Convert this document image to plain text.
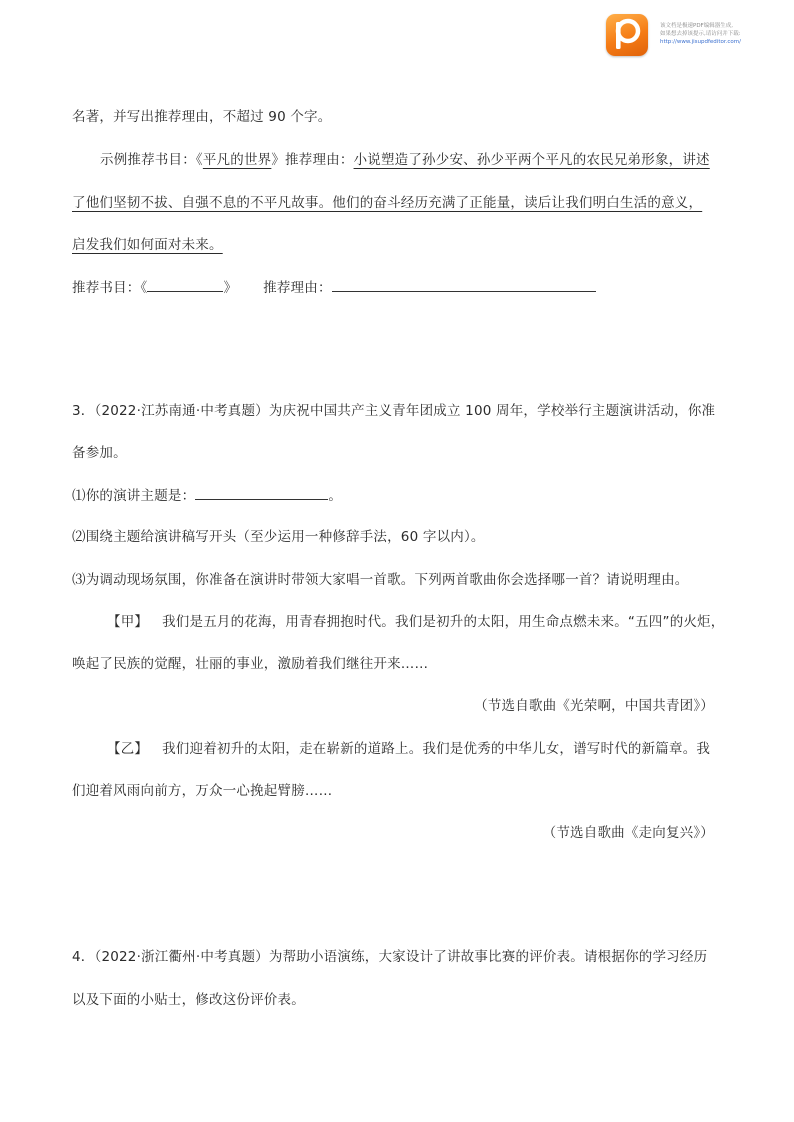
该文档是极速PDF编辑器生成,
如果想去掉该提示,请访问并下载:
http://www.jisupdfeditor.com/
名著，并写出推荐理由，不超过 90 个字。
示例推荐书目：《平凡的世界》推荐理由：小说塑造了孙少安、孙少平两个平凡的农民兄弟形象，讲述
了他们坚韧不拔、自强不息的不平凡故事。他们的奋斗经历充满了正能量，读后让我们明白生活的意义，
启发我们如何面对未来。
推荐书目：《	》 推荐理由：
3．（2022·江苏南通·中考真题）为庆祝中国共产主义青年团成立 100 周年，学校举行主题演讲活动，你准
备参加。
⑴你的演讲主题是：	。
⑵围绕主题给演讲稿写开头（至少运用一种修辞手法，60 字以内）。
⑶为调动现场氛围，你准备在演讲时带领大家唱一首歌。下列两首歌曲你会选择哪一首？请说明理由。
【甲】 我们是五月的花海，用青春拥抱时代。我们是初升的太阳，用生命点燃未来。“五四”的火炬，
唤起了民族的觉醒，壮丽的事业，激励着我们继往开来……
（节选自歌曲《光荣啊，中国共青团》）
【乙】 我们迎着初升的太阳，走在崭新的道路上。我们是优秀的中华儿女，谱写时代的新篇章。我
们迎着风雨向前方，万众一心挽起臂膀……
（节选自歌曲《走向复兴》）
4．（2022·浙江衢州·中考真题）为帮助小语演练，大家设计了讲故事比赛的评价表。请根据你的学习经历
以及下面的小贴士，修改这份评价表。
